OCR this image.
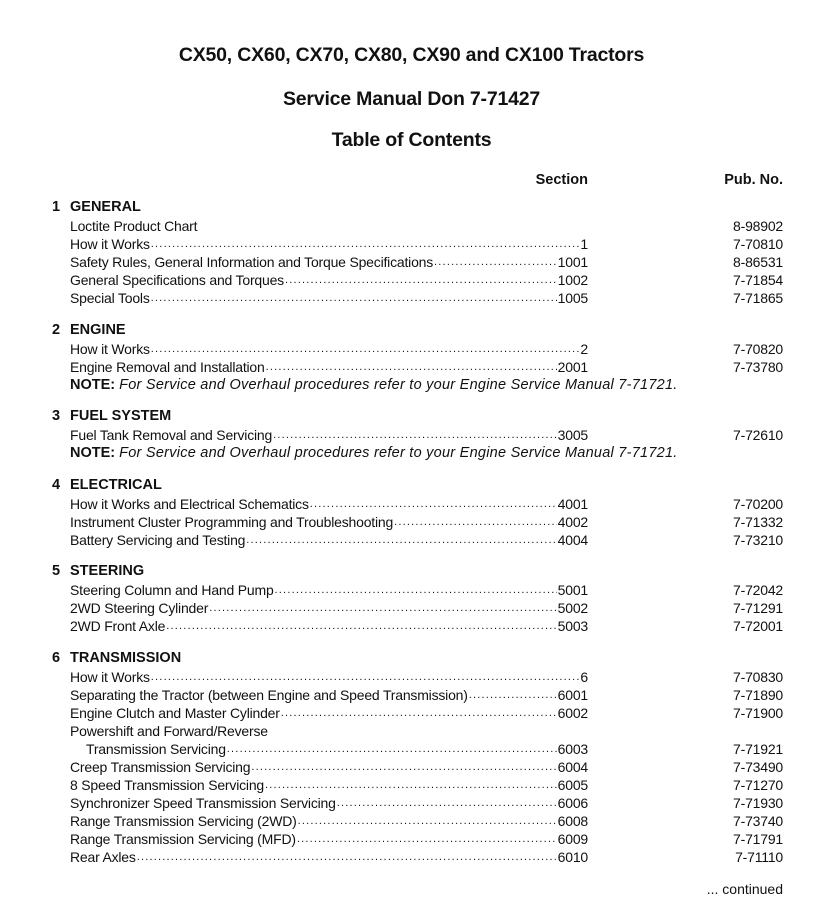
CX50, CX60, CX70, CX80, CX90 and CX100 Tractors
Service Manual Don 7-71427
Table of Contents
Section	Pub. No.
1 GENERAL
Loctite Product Chart	8-98902
How it Works .....	1	7-70810
Safety Rules, General Information and Torque Specifications .....	1001	8-86531
General Specifications and Torques .....	1002	7-71854
Special Tools .....	1005	7-71865
2 ENGINE
How it Works .....	2	7-70820
Engine Removal and Installation .....	2001	7-73780
NOTE: For Service and Overhaul procedures refer to your Engine Service Manual 7-71721.
3 FUEL SYSTEM
Fuel Tank Removal and Servicing .....	3005	7-72610
NOTE: For Service and Overhaul procedures refer to your Engine Service Manual 7-71721.
4 ELECTRICAL
How it Works and Electrical Schematics .....	4001	7-70200
Instrument Cluster Programming and Troubleshooting .....	4002	7-71332
Battery Servicing and Testing .....	4004	7-73210
5 STEERING
Steering Column and Hand Pump .....	5001	7-72042
2WD Steering Cylinder .....	5002	7-71291
2WD Front Axle .....	5003	7-72001
6 TRANSMISSION
How it Works .....	6	7-70830
Separating the Tractor (between Engine and Speed Transmission) .....	6001	7-71890
Engine Clutch and Master Cylinder .....	6002	7-71900
Powershift and Forward/Reverse
Transmission Servicing .....	6003	7-71921
Creep Transmission Servicing .....	6004	7-73490
8 Speed Transmission Servicing .....	6005	7-71270
Synchronizer Speed Transmission Servicing .....	6006	7-71930
Range Transmission Servicing (2WD) .....	6008	7-73740
Range Transmission Servicing (MFD) .....	6009	7-71791
Rear Axles .....	6010	7-71110
... continued
